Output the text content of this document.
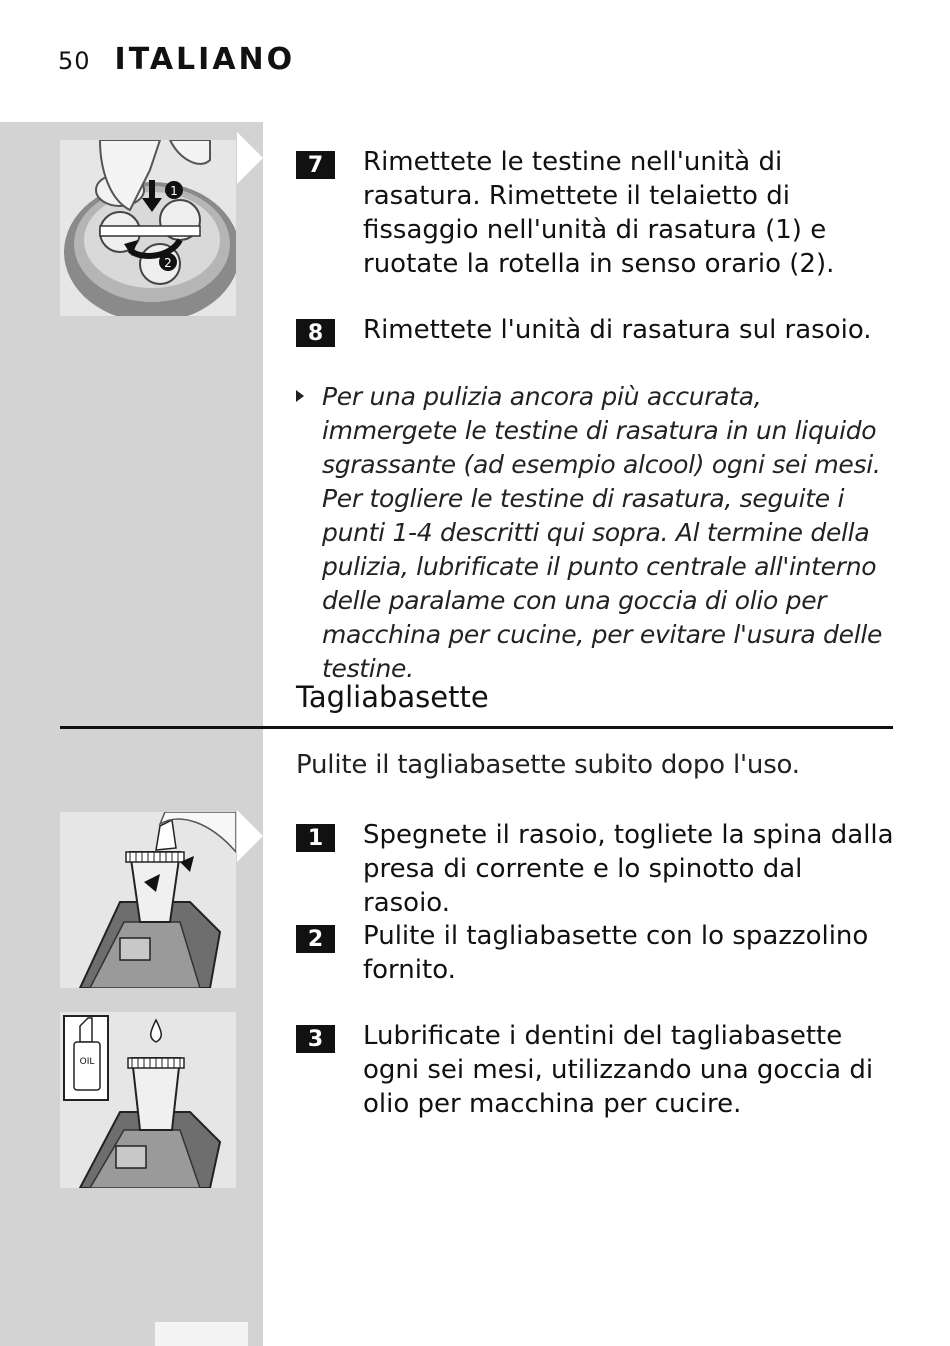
50 ITALIANO
1
2
7	Rimettete le testine nell'unità di rasatura. Rimettete il telaietto di fissaggio nell'unità di rasatura (1) e ruotate la rotella in senso orario (2).
8	Rimettete l'unità di rasatura sul rasoio.
Per una pulizia ancora più accurata, immergete le testine di rasatura in un liquido sgrassante (ad esempio alcool) ogni sei mesi. Per togliere le testine di rasatura, seguite i punti 1-4 descritti qui sopra. Al termine della pulizia, lubrificate il punto centrale all'interno delle paralame con una goccia di olio per macchina per cucine, per evitare l'usura delle testine.
Tagliabasette
Pulite il tagliabasette subito dopo l'uso.
1	Spegnete il rasoio, togliete la spina dalla presa di corrente e lo spinotto dal rasoio.
2	Pulite il tagliabasette con lo spazzolino fornito.
OIL
3	Lubrificate i dentini del tagliabasette ogni sei mesi, utilizzando una goccia di olio per macchina per cucire.
